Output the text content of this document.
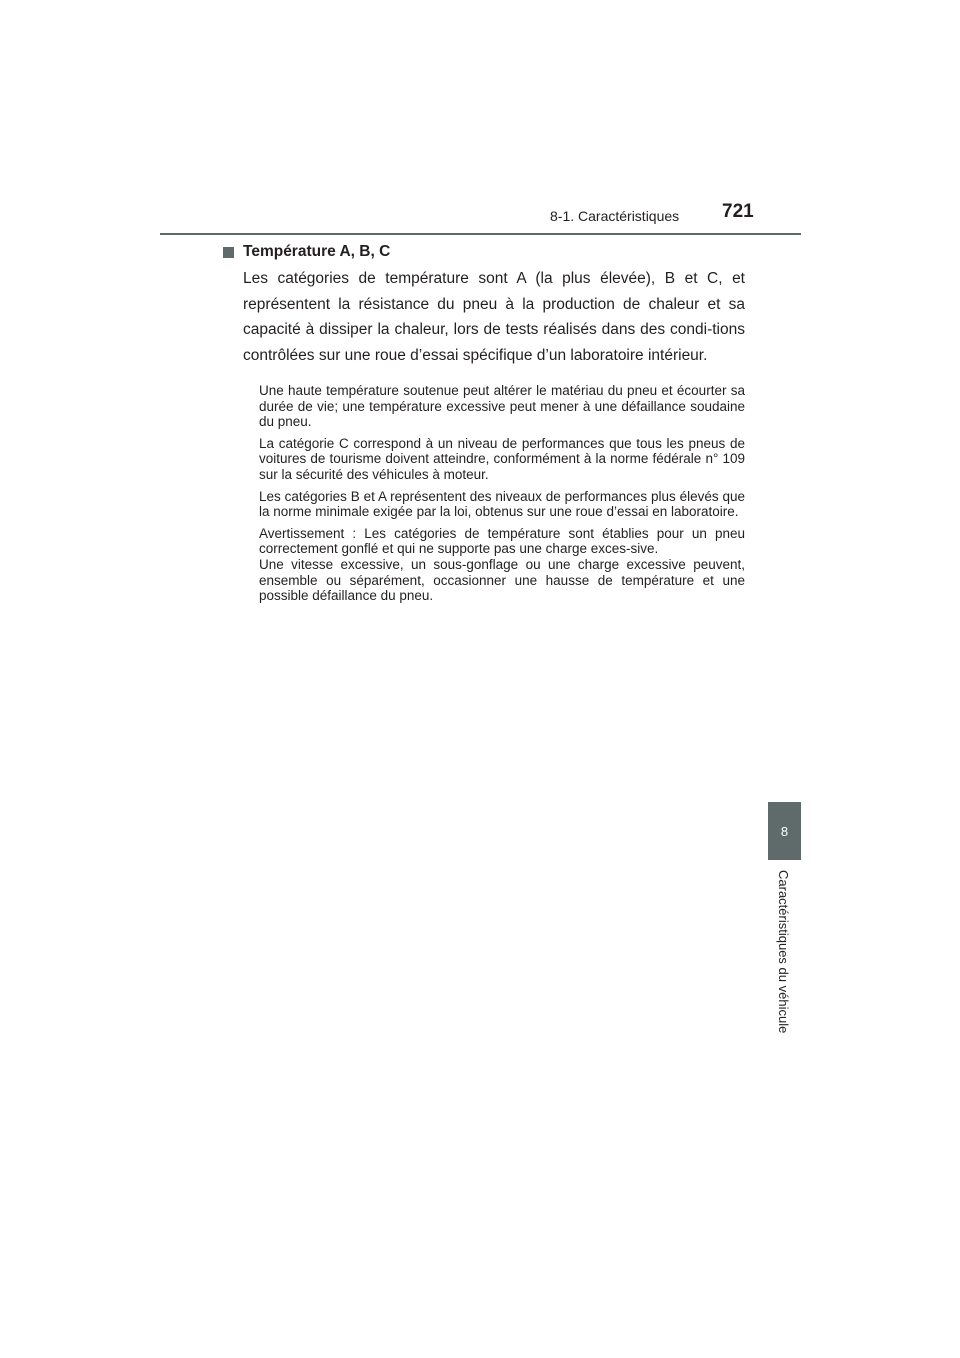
8-1. Caractéristiques 721
8
Caractéristiques du véhicule
Température A, B, C

Les catégories de température sont A (la plus élevée), B et C, et représentent la résistance du pneu à la production de chaleur et sa capacité à dissiper la chaleur, lors de tests réalisés dans des condi-tions contrôlées sur une roue d’essai spécifique d’un laboratoire intérieur.

Une haute température soutenue peut altérer le matériau du pneu et écourter sa durée de vie; une température excessive peut mener à une défaillance soudaine du pneu.

La catégorie C correspond à un niveau de performances que tous les pneus de voitures de tourisme doivent atteindre, conformément à la norme fédérale n° 109 sur la sécurité des véhicules à moteur.

Les catégories B et A représentent des niveaux de performances plus élevés que la norme minimale exigée par la loi, obtenus sur une roue d’essai en laboratoire.

Avertissement : Les catégories de température sont établies pour un pneu correctement gonflé et qui ne supporte pas une charge exces-sive.

Une vitesse excessive, un sous-gonflage ou une charge excessive peuvent, ensemble ou séparément, occasionner une hausse de température et une possible défaillance du pneu.
